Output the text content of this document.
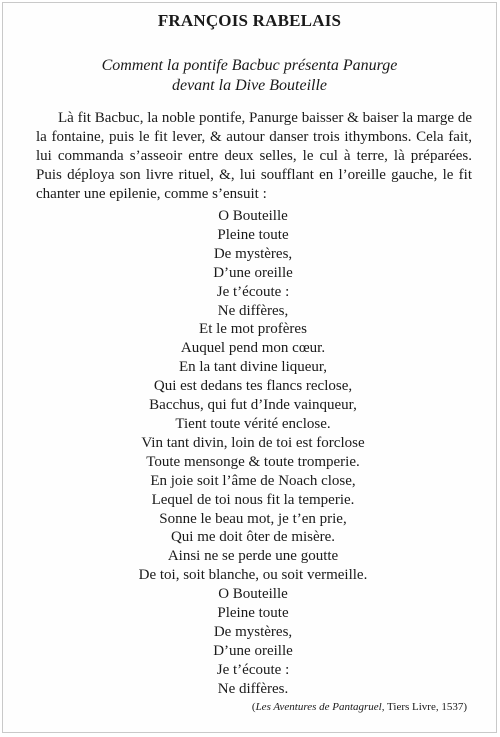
FRANÇOIS RABELAIS
Comment la pontife Bacbuc présenta Panurge
devant la Dive Bouteille

Là fit Bacbuc, la noble pontife, Panurge baisser & baiser la marge de la fontaine, puis le fit lever, & autour danser trois ithymbons. Cela fait, lui commanda s’asseoir entre deux selles, le cul à terre, là préparées. Puis déploya son livre rituel, &, lui soufflant en l’oreille gauche, le fit chanter une epilenie, comme s’ensuit :

O Bouteille
Pleine toute
De mystères,
D’une oreille
Je t’écoute :
Ne diffères,
Et le mot profères
Auquel pend mon cœur.
En la tant divine liqueur,
Qui est dedans tes flancs reclose,
Bacchus, qui fut d’Inde vainqueur,
Tient toute vérité enclose.
Vin tant divin, loin de toi est forclose
Toute mensonge & toute tromperie.
En joie soit l’âme de Noach close,
Lequel de toi nous fit la temperie.
Sonne le beau mot, je t’en prie,
Qui me doit ôter de misère.
Ainsi ne se perde une goutte
De toi, soit blanche, ou soit vermeille.
O Bouteille
Pleine toute
De mystères,
D’une oreille
Je t’écoute :
Ne diffères.
(Les Aventures de Pantagruel, Tiers Livre, 1537)
